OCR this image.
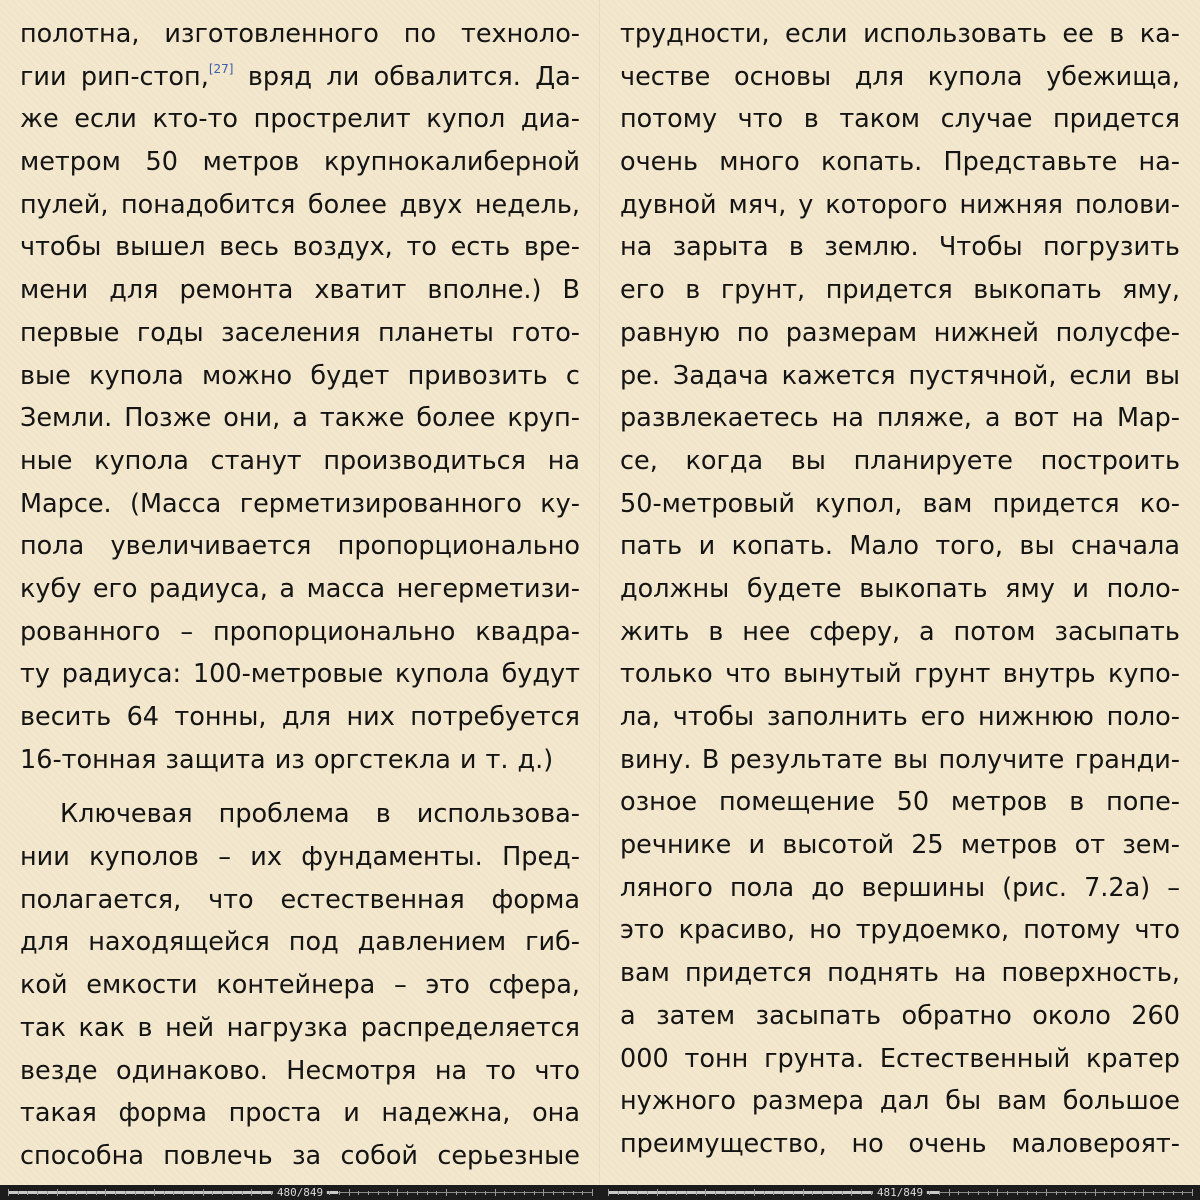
полотна, изготовленного по техноло-
гии рип-стоп,[27] вряд ли обвалится. Да-
же если кто-то прострелит купол диа-
метром 50 метров крупнокалиберной
пулей, понадобится более двух недель,
чтобы вышел весь воздух, то есть вре-
мени для ремонта хватит вполне.) В
первые годы заселения планеты гото-
вые купола можно будет привозить с
Земли. Позже они, а также более круп-
ные купола станут производиться на
Марсе. (Масса герметизированного ку-
пола увеличивается пропорционально
кубу его радиуса, а масса негерметизи-
рованного – пропорционально квадра-
ту радиуса: 100-метровые купола будут
весить 64 тонны, для них потребуется
16-тонная защита из оргстекла и т. д.)
Ключевая проблема в использова-
нии куполов – их фундаменты. Пред-
полагается, что естественная форма
для находящейся под давлением гиб-
кой емкости контейнера – это сфера,
так как в ней нагрузка распределяется
везде одинаково. Несмотря на то что
такая форма проста и надежна, она
способна повлечь за собой серьезные
трудности, если использовать ее в ка-
честве основы для купола убежища,
потому что в таком случае придется
очень много копать. Представьте на-
дувной мяч, у которого нижняя полови-
на зарыта в землю. Чтобы погрузить
его в грунт, придется выкопать яму,
равную по размерам нижней полусфе-
ре. Задача кажется пустячной, если вы
развлекаетесь на пляже, а вот на Мар-
се, когда вы планируете построить
50-метровый купол, вам придется ко-
пать и копать. Мало того, вы сначала
должны будете выкопать яму и поло-
жить в нее сферу, а потом засыпать
только что вынутый грунт внутрь купо-
ла, чтобы заполнить его нижнюю поло-
вину. В результате вы получите гранди-
озное помещение 50 метров в попе-
речнике и высотой 25 метров от зем-
ляного пола до вершины (рис. 7.2а) –
это красиво, но трудоемко, потому что
вам придется поднять на поверхность,
а затем засыпать обратно около 260
000 тонн грунта. Естественный кратер
нужного размера дал бы вам большое
преимущество, но очень маловероят-
480/849	481/849
